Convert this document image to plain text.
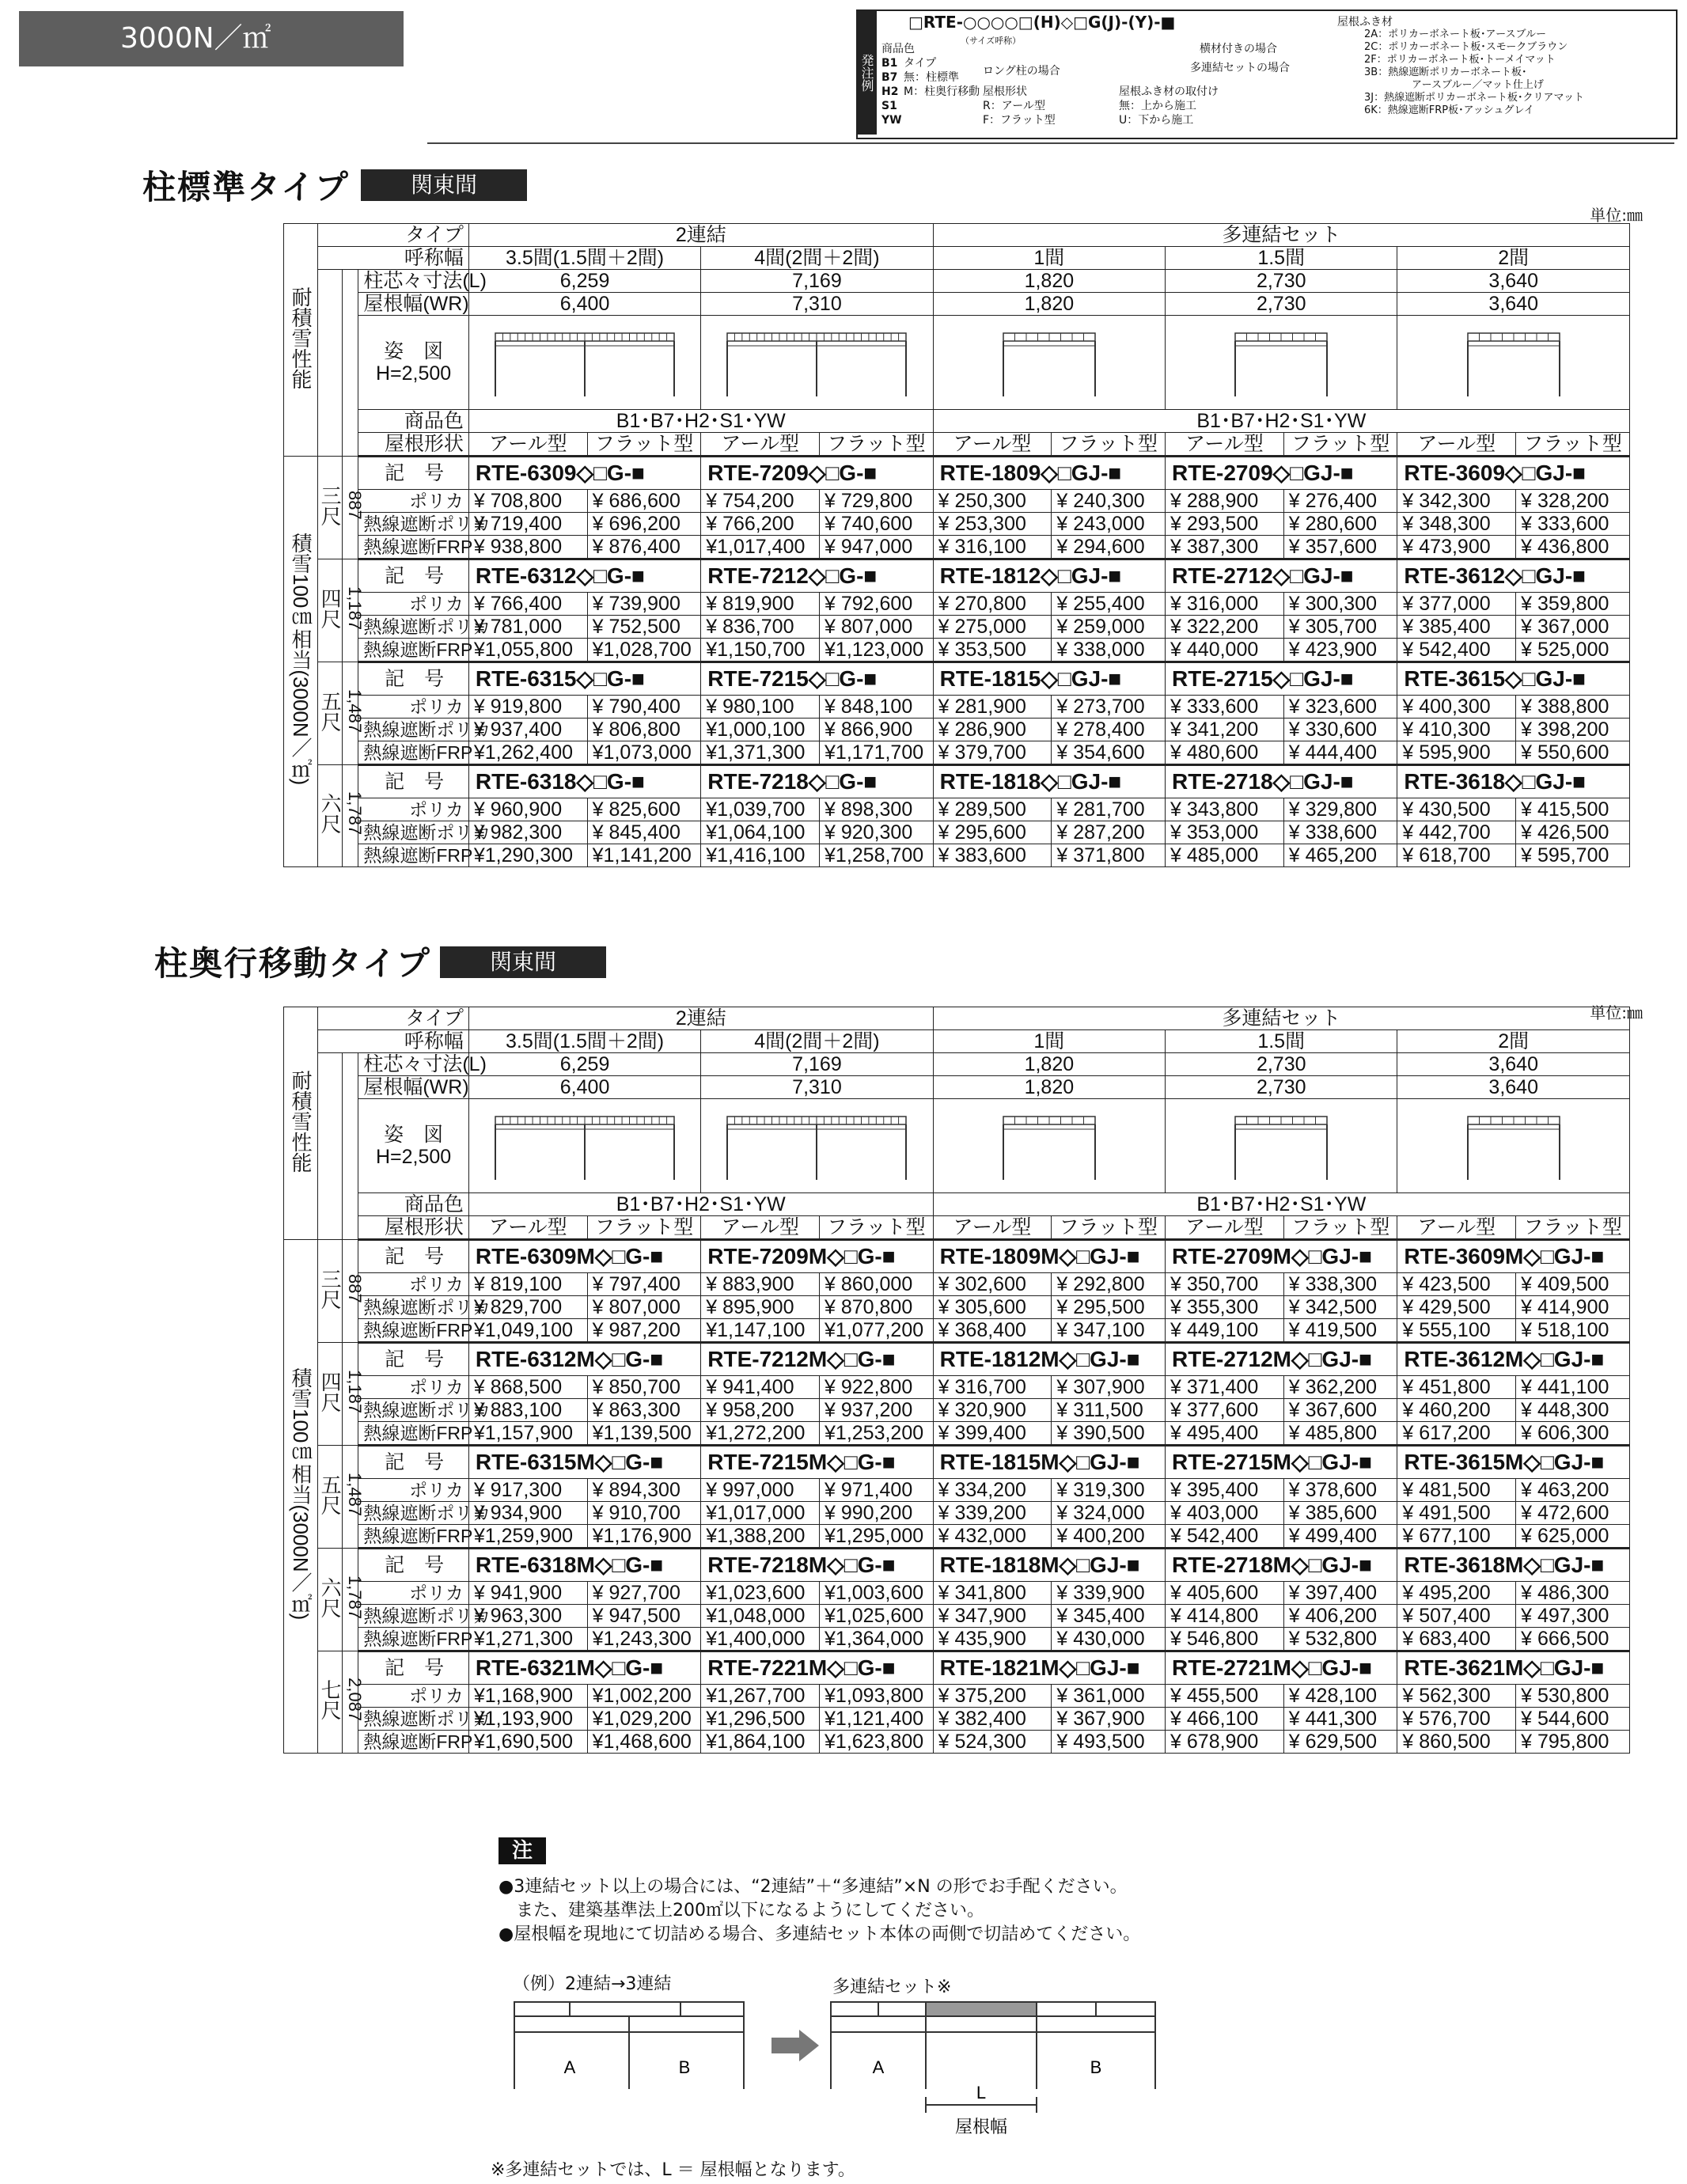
3000N／㎡
発注例
□RTE-○○○○□(H)◇□G(J)-(Y)-■
（サイズ呼称）
商品色
B1
B7
H2
S1
YW
タイプ
無：柱標準
M：柱奥行移動
ロング柱の場合
屋根形状
R：アール型
F：フラット型
屋根ふき材の取付け
無：上から施工
U：下から施工
横材付きの場合
多連結セットの場合
屋根ふき材
2A：ポリカーボネート板･アースブルー
2C：ポリカーボネート板･スモークブラウン
2F：ポリカーボネート板･トーメイマット
3B：熱線遮断ポリカーボネート板･
アースブルー／マット仕上げ
3J：熱線遮断ポリカーボネート板･クリアマット
6K：熱線遮断FRP板･アッシュグレイ
柱標準タイプ	関東間
単位:㎜
耐積雪性能	タイプ			2連結				多連結セット					
	呼称幅			3.5間(1.5間＋2間)		4間(2間＋2間)		1間		1.5間		2間	
			柱芯々寸法(L)	6,259		7,169		1,820		2,730		3,640	
			屋根幅(WR)	6,400		7,310		1,820		2,730		3,640	

			姿　図
H=2,500

			商品色	B1･B7･H2･S1･YW				B1･B7･H2･S1･YW					
			屋根形状	アール型	フラット型	アール型	フラット型	アール型	フラット型	アール型	フラット型	アール型	フラット型
積雪100㎝相当(3000N／㎡)	三尺	887	記　号	RTE-6309◇□G-■		RTE-7209◇□G-■		RTE-1809◇□GJ-■		RTE-2709◇□GJ-■		RTE-3609◇□GJ-■	
			ポリカ	¥ 708,800	¥ 686,600	¥ 754,200	¥ 729,800	¥ 250,300	¥ 240,300	¥ 288,900	¥ 276,400	¥ 342,300	¥ 328,200
			熱線遮断ポリカ	¥ 719,400	¥ 696,200	¥ 766,200	¥ 740,600	¥ 253,300	¥ 243,000	¥ 293,500	¥ 280,600	¥ 348,300	¥ 333,600
			熱線遮断FRP	¥ 938,800	¥ 876,400	¥1,017,400	¥ 947,000	¥ 316,100	¥ 294,600	¥ 387,300	¥ 357,600	¥ 473,900	¥ 436,800
	四尺	1,187	記　号	RTE-6312◇□G-■		RTE-7212◇□G-■		RTE-1812◇□GJ-■		RTE-2712◇□GJ-■		RTE-3612◇□GJ-■	
			ポリカ	¥ 766,400	¥ 739,900	¥ 819,900	¥ 792,600	¥ 270,800	¥ 255,400	¥ 316,000	¥ 300,300	¥ 377,000	¥ 359,800
			熱線遮断ポリカ	¥ 781,000	¥ 752,500	¥ 836,700	¥ 807,000	¥ 275,000	¥ 259,000	¥ 322,200	¥ 305,700	¥ 385,400	¥ 367,000
			熱線遮断FRP	¥1,055,800	¥1,028,700	¥1,150,700	¥1,123,000	¥ 353,500	¥ 338,000	¥ 440,000	¥ 423,900	¥ 542,400	¥ 525,000
	五尺	1,487	記　号	RTE-6315◇□G-■		RTE-7215◇□G-■		RTE-1815◇□GJ-■		RTE-2715◇□GJ-■		RTE-3615◇□GJ-■	
			ポリカ	¥ 919,800	¥ 790,400	¥ 980,100	¥ 848,100	¥ 281,900	¥ 273,700	¥ 333,600	¥ 323,600	¥ 400,300	¥ 388,800
			熱線遮断ポリカ	¥ 937,400	¥ 806,800	¥1,000,100	¥ 866,900	¥ 286,900	¥ 278,400	¥ 341,200	¥ 330,600	¥ 410,300	¥ 398,200
			熱線遮断FRP	¥1,262,400	¥1,073,000	¥1,371,300	¥1,171,700	¥ 379,700	¥ 354,600	¥ 480,600	¥ 444,400	¥ 595,900	¥ 550,600
	六尺	1,787	記　号	RTE-6318◇□G-■		RTE-7218◇□G-■		RTE-1818◇□GJ-■		RTE-2718◇□GJ-■		RTE-3618◇□GJ-■	
			ポリカ	¥ 960,900	¥ 825,600	¥1,039,700	¥ 898,300	¥ 289,500	¥ 281,700	¥ 343,800	¥ 329,800	¥ 430,500	¥ 415,500
			熱線遮断ポリカ	¥ 982,300	¥ 845,400	¥1,064,100	¥ 920,300	¥ 295,600	¥ 287,200	¥ 353,000	¥ 338,600	¥ 442,700	¥ 426,500
			熱線遮断FRP	¥1,290,300	¥1,141,200	¥1,416,100	¥1,258,700	¥ 383,600	¥ 371,800	¥ 485,000	¥ 465,200	¥ 618,700	¥ 595,700
柱奥行移動タイプ	関東間
単位:㎜
耐積雪性能	タイプ			2連結				多連結セット					
	呼称幅			3.5間(1.5間＋2間)		4間(2間＋2間)		1間		1.5間		2間	
			柱芯々寸法(L)	6,259		7,169		1,820		2,730		3,640	
			屋根幅(WR)	6,400		7,310		1,820		2,730		3,640	

			姿　図
H=2,500

			商品色	B1･B7･H2･S1･YW				B1･B7･H2･S1･YW					
			屋根形状	アール型	フラット型	アール型	フラット型	アール型	フラット型	アール型	フラット型	アール型	フラット型
積雪100㎝相当(3000N／㎡)	三尺	887	記　号	RTE-6309M◇□G-■		RTE-7209M◇□G-■		RTE-1809M◇□GJ-■		RTE-2709M◇□GJ-■		RTE-3609M◇□GJ-■	
			ポリカ	¥ 819,100	¥ 797,400	¥ 883,900	¥ 860,000	¥ 302,600	¥ 292,800	¥ 350,700	¥ 338,300	¥ 423,500	¥ 409,500
			熱線遮断ポリカ	¥ 829,700	¥ 807,000	¥ 895,900	¥ 870,800	¥ 305,600	¥ 295,500	¥ 355,300	¥ 342,500	¥ 429,500	¥ 414,900
			熱線遮断FRP	¥1,049,100	¥ 987,200	¥1,147,100	¥1,077,200	¥ 368,400	¥ 347,100	¥ 449,100	¥ 419,500	¥ 555,100	¥ 518,100
	四尺	1,187	記　号	RTE-6312M◇□G-■		RTE-7212M◇□G-■		RTE-1812M◇□GJ-■		RTE-2712M◇□GJ-■		RTE-3612M◇□GJ-■	
			ポリカ	¥ 868,500	¥ 850,700	¥ 941,400	¥ 922,800	¥ 316,700	¥ 307,900	¥ 371,400	¥ 362,200	¥ 451,800	¥ 441,100
			熱線遮断ポリカ	¥ 883,100	¥ 863,300	¥ 958,200	¥ 937,200	¥ 320,900	¥ 311,500	¥ 377,600	¥ 367,600	¥ 460,200	¥ 448,300
			熱線遮断FRP	¥1,157,900	¥1,139,500	¥1,272,200	¥1,253,200	¥ 399,400	¥ 390,500	¥ 495,400	¥ 485,800	¥ 617,200	¥ 606,300
	五尺	1,487	記　号	RTE-6315M◇□G-■		RTE-7215M◇□G-■		RTE-1815M◇□GJ-■		RTE-2715M◇□GJ-■		RTE-3615M◇□GJ-■	
			ポリカ	¥ 917,300	¥ 894,300	¥ 997,000	¥ 971,400	¥ 334,200	¥ 319,300	¥ 395,400	¥ 378,600	¥ 481,500	¥ 463,200
			熱線遮断ポリカ	¥ 934,900	¥ 910,700	¥1,017,000	¥ 990,200	¥ 339,200	¥ 324,000	¥ 403,000	¥ 385,600	¥ 491,500	¥ 472,600
			熱線遮断FRP	¥1,259,900	¥1,176,900	¥1,388,200	¥1,295,000	¥ 432,000	¥ 400,200	¥ 542,400	¥ 499,400	¥ 677,100	¥ 625,000
	六尺	1,787	記　号	RTE-6318M◇□G-■		RTE-7218M◇□G-■		RTE-1818M◇□GJ-■		RTE-2718M◇□GJ-■		RTE-3618M◇□GJ-■	
			ポリカ	¥ 941,900	¥ 927,700	¥1,023,600	¥1,003,600	¥ 341,800	¥ 339,900	¥ 405,600	¥ 397,400	¥ 495,200	¥ 486,300
			熱線遮断ポリカ	¥ 963,300	¥ 947,500	¥1,048,000	¥1,025,600	¥ 347,900	¥ 345,400	¥ 414,800	¥ 406,200	¥ 507,400	¥ 497,300
			熱線遮断FRP	¥1,271,300	¥1,243,300	¥1,400,000	¥1,364,000	¥ 435,900	¥ 430,000	¥ 546,800	¥ 532,800	¥ 683,400	¥ 666,500
	七尺	2,087	記　号	RTE-6321M◇□G-■		RTE-7221M◇□G-■		RTE-1821M◇□GJ-■		RTE-2721M◇□GJ-■		RTE-3621M◇□GJ-■	
			ポリカ	¥1,168,900	¥1,002,200	¥1,267,700	¥1,093,800	¥ 375,200	¥ 361,000	¥ 455,500	¥ 428,100	¥ 562,300	¥ 530,800
			熱線遮断ポリカ	¥1,193,900	¥1,029,200	¥1,296,500	¥1,121,400	¥ 382,400	¥ 367,900	¥ 466,100	¥ 441,300	¥ 576,700	¥ 544,600
			熱線遮断FRP	¥1,690,500	¥1,468,600	¥1,864,100	¥1,623,800	¥ 524,300	¥ 493,500	¥ 678,900	¥ 629,500	¥ 860,500	¥ 795,800
注
●3連結セット以上の場合には、“2連結”＋“多連結”×N の形でお手配ください。
　また、建築基準法上200㎡以下になるようにしてください。
●屋根幅を現地にて切詰める場合、多連結セット本体の両側で切詰めてください。
（例）2連結→3連結	多連結セット※
A	B	A	B
L
屋根幅
※多連結セットでは、L ＝ 屋根幅となります。
